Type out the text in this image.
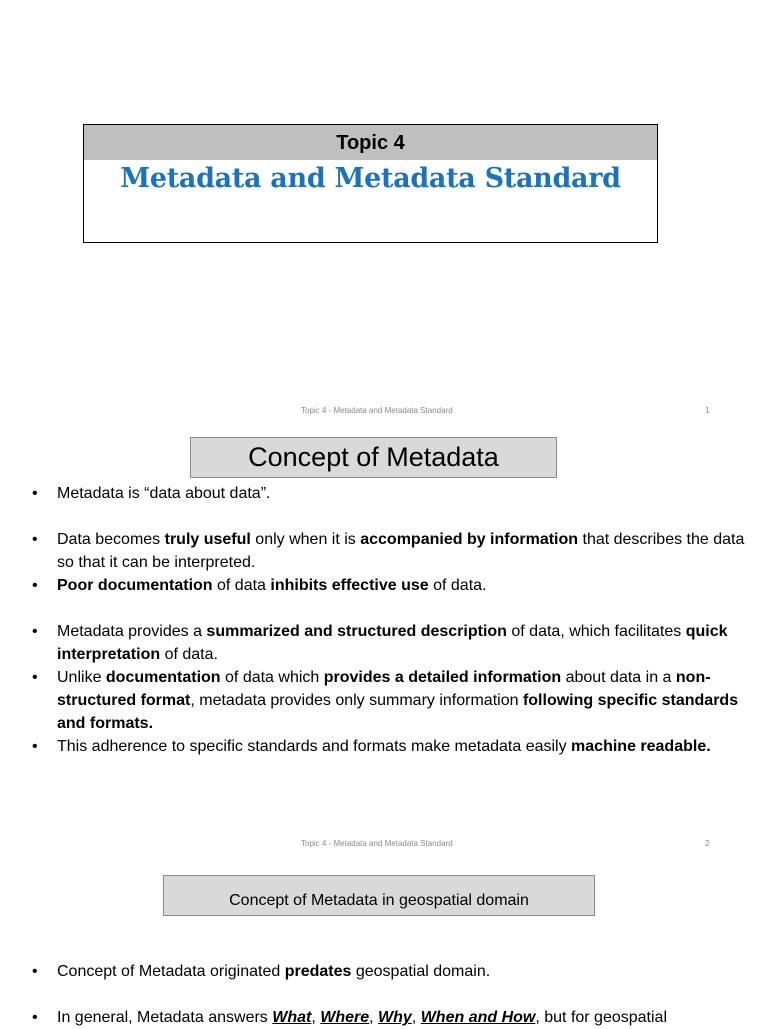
Topic 4
Metadata and Metadata Standard
Topic 4 - Metadata and Metadata Standard	1
Concept of Metadata
• Metadata is “data about data”.
• Data becomes truly useful only when it is accompanied by information that describes the data so that it can be interpreted.
• Poor documentation of data inhibits effective use of data.
• Metadata provides a summarized and structured description of data, which facilitates quick interpretation of data.
• Unlike documentation of data which provides a detailed information about data in a non-structured format, metadata provides only summary information following specific standards and formats.
• This adherence to specific standards and formats make metadata easily machine readable.
Topic 4 - Metadata and Metadata Standard	2
Concept of Metadata in geospatial domain
• Concept of Metadata originated predates geospatial domain.
• In general, Metadata answers What, Where, Why, When and How, but for geospatial
